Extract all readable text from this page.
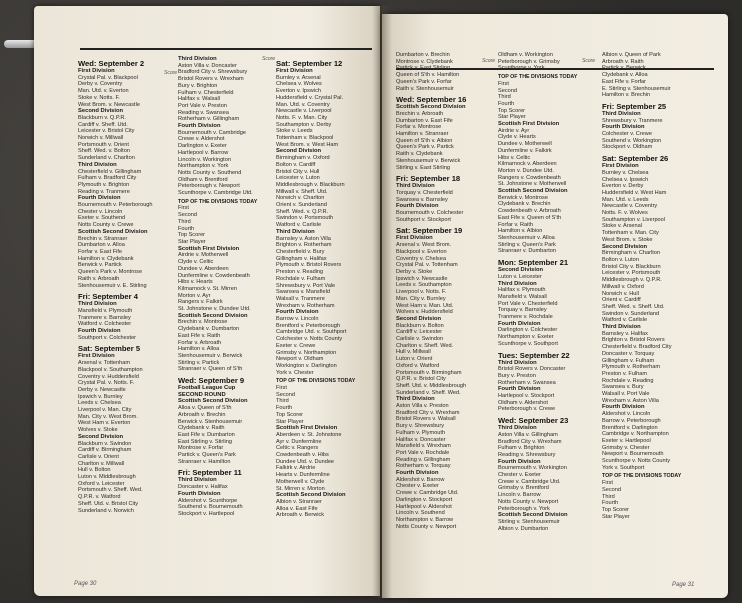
Score
Score
Wed: September 2
First Division
Crystal Pal. v. Blackpool
Derby v. Coventry
Man. Utd. v. Everton
Stoke v. Notts. F.
West Brom. v. Newcastle
Second Division
Blackburn v. Q.P.R.
Cardiff v. Sheff. Utd.
Leicester v. Bristol City
Norwich v. Millwall
Portsmouth v. Orient
Sheff. Wed. v. Bolton
Sunderland v. Charlton
Third Division
Chesterfield v. Gillingham
Fulham v. Bradford City
Plymouth v. Brighton
Reading v. Tranmere
Fourth Division
Bournemouth v. Peterborough
Chester v. Lincoln
Exeter v. Southend
Notts County v. Crewe
Scottish Second Division
Brechin v. Stranraer
Dumbarton v. Alloa
Forfar v. East Fife
Hamilton v. Clydebank
Berwick v. Partick
Queen's Park v. Montrose
Raith v. Arbroath
Stenhousemuir v. E. Stirling
Fri: September 4
Third Division
Mansfield v. Plymouth
Tranmere v. Barnsley
Watford v. Colchester
Fourth Division
Southport v. Colchester
Sat: September 5
First Division
Arsenal v. Tottenham
Blackpool v. Southampton
Coventry v. Huddersfield
Crystal Pal. v. Notts. F.
Derby v. Newcastle
Ipswich v. Burnley
Leeds v. Chelsea
Liverpool v. Man. City
Man. City v. West Brom.
West Ham v. Everton
Wolves v. Stoke
Second Division
Blackburn v. Swindon
Cardiff v. Birmingham
Carlisle v. Orient
Charlton v. Millwall
Hull v. Bolton
Luton v. Middlesbrough
Oxford v. Leicester
Portsmouth v. Sheff. Wed.
Q.P.R. v. Watford
Sheff. Utd. v. Bristol City
Sunderland v. Norwich
Third Division
Aston Villa v. Doncaster
Bradford City v. Shrewsbury
Bristol Rovers v. Wrexham
Bury v. Brighton
Fulham v. Chesterfield
Halifax v. Walsall
Port Vale v. Preston
Reading v. Swansea
Rotherham v. Gillingham
Fourth Division
Bournemouth v. Cambridge
Crewe v. Aldershot
Darlington v. Exeter
Hartlepool v. Barrow
Lincoln v. Workington
Northampton v. York
Notts County v. Southend
Oldham v. Brentford
Peterborough v. Newport
Scunthorpe v. Cambridge Utd.
TOP OF THE DIVISIONS TODAY
First
Second
Third
Fourth
Top Scorer
Star Player
Scottish First Division
Airdrie v. Motherwell
Clyde v. Celtic
Dundee v. Aberdeen
Dunfermline v. Cowdenbeath
Hibs v. Hearts
Kilmarnock v. St. Mirren
Morton v. Ayr
Rangers v. Falkirk
St. Johnstone v. Dundee Utd.
Scottish Second Division
Brechin v. Montrose
Clydebank v. Dumbarton
East Fife v. Raith
Forfar v. Arbroath
Hamilton v. Alloa
Stenhousemuir v. Berwick
Stirling v. Partick
Stranraer v. Queen of S'th
Wed: September 9
Football League Cup
SECOND ROUND
Scottish Second Division
Alloa v. Queen of S'th
Arbroath v. Brechin
Berwick v. Stenhousemuir
Clydebank v. Raith
East Fife v. Dumbarton
East Stirling v. Stirling
Montrose v. Forfar
Partick v. Queen's Park
Stranraer v. Hamilton
Fri: September 11
Third Division
Doncaster v. Halifax
Fourth Division
Aldershot v. Scunthorpe
Southend v. Bournemouth
Stockport v. Hartlepool
Sat: September 12
First Division
Burnley v. Arsenal
Chelsea v. Wolves
Everton v. Ipswich
Huddersfield v. Crystal Pal.
Man. Utd. v. Coventry
Newcastle v. Liverpool
Notts. F. v. Man. City
Southampton v. Derby
Stoke v. Leeds
Tottenham v. Blackpool
West Brom. v. West Ham
Second Division
Birmingham v. Oxford
Bolton v. Cardiff
Bristol City v. Hull
Leicester v. Luton
Middlesbrough v. Blackburn
Millwall v. Sheff. Utd.
Norwich v. Charlton
Orient v. Sunderland
Sheff. Wed. v. Q.P.R.
Swindon v. Portsmouth
Watford v. Carlisle
Third Division
Barnsley v. Aston Villa
Brighton v. Rotherham
Chesterfield v. Bury
Gillingham v. Halifax
Plymouth v. Bristol Rovers
Preston v. Reading
Rochdale v. Fulham
Shrewsbury v. Port Vale
Swansea v. Mansfield
Walsall v. Tranmere
Wrexham v. Rotherham
Fourth Division
Barrow v. Lincoln
Brentford v. Peterborough
Cambridge Utd. v. Southport
Colchester v. Notts County
Exeter v. Crewe
Grimsby v. Northampton
Newport v. Oldham
Workington v. Darlington
York v. Chester
TOP OF THE DIVISIONS TODAY
First
Second
Third
Fourth
Top Scorer
Star Player
Scottish First Division
Aberdeen v. St. Johnstone
Ayr v. Dunfermline
Celtic v. Rangers
Cowdenbeath v. Hibs
Dundee Utd. v. Dundee
Falkirk v. Airdrie
Hearts v. Dunfermline
Motherwell v. Clyde
St. Mirren v. Morton
Scottish Second Division
Albion v. Stranraer
Alloa v. East Fife
Arbroath v. Berwick
Page 30
Score	Score
Dumbarton v. Brechin
Montrose v. Clydebank
Partick v. East Stirling
Queen of S'th v. Hamilton
Queen's Park v. Forfar
Raith v. Stenhousemuir
Wed: September 16
Scottish Second Division
Brechin v. Arbroath
Dumbarton v. East Fife
Forfar v. Montrose
Hamilton v. Stranraer
Queen of S'th v. Albion
Queen's Park v. Partick
Raith v. Clydebank
Stenhousemuir v. Berwick
Stirling v. East Stirling
Fri: September 18
Third Division
Torquay v. Chesterfield
Swansea v. Barnsley
Fourth Division
Bournemouth v. Colchester
Southport v. Stockport
Sat: September 19
First Division
Arsenal v. West Brom.
Blackpool v. Everton
Coventry v. Chelsea
Crystal Pal. v. Tottenham
Derby v. Stoke
Ipswich v. Newcastle
Leeds v. Southampton
Liverpool v. Notts. F.
Man. City v. Burnley
West Ham v. Man. Utd.
Wolves v. Huddersfield
Second Division
Blackburn v. Bolton
Cardiff v. Leicester
Carlisle v. Swindon
Charlton v. Sheff. Wed.
Hull v. Millwall
Luton v. Orient
Oxford v. Watford
Portsmouth v. Birmingham
Q.P.R. v. Bristol City
Sheff. Utd. v. Middlesbrough
Sunderland v. Sheff. Wed.
Third Division
Aston Villa v. Preston
Bradford City v. Wrexham
Bristol Rovers v. Walsall
Bury v. Shrewsbury
Fulham v. Plymouth
Halifax v. Doncaster
Mansfield v. Wrexham
Port Vale v. Rochdale
Reading v. Gillingham
Rotherham v. Torquay
Fourth Division
Aldershot v. Barrow
Chester v. Exeter
Crewe v. Cambridge Utd.
Darlington v. Stockport
Hartlepool v. Aldershot
Lincoln v. Southend
Northampton v. Barrow
Notts County v. Newport
Oldham v. Workington
Peterborough v. Grimsby
Scunthorpe v. York
TOP OF THE DIVISIONS TODAY
First
Second
Third
Fourth
Top Scorer
Star Player
Scottish First Division
Airdrie v. Ayr
Clyde v. Hearts
Dundee v. Motherwell
Dunfermline v. Falkirk
Hibs v. Celtic
Kilmarnock v. Aberdeen
Morton v. Dundee Utd.
Rangers v. Cowdenbeath
St. Johnstone v. Motherwell
Scottish Second Division
Berwick v. Montrose
Clydebank v. Brechin
Cowdenbeath v. Arbroath
East Fife v. Queen of S'th
Forfar v. Raith
Hamilton v. Albion
Stenhousemuir v. Alloa
Stirling v. Queen's Park
Stranraer v. Dumbarton
Mon: September 21
Second Division
Luton v. Leicester
Third Division
Halifax v. Plymouth
Mansfield v. Walsall
Port Vale v. Chesterfield
Torquay v. Barnsley
Tranmere v. Rochdale
Fourth Division
Darlington v. Colchester
Northampton v. Exeter
Scunthorpe v. Southport
Tues: September 22
Third Division
Bristol Rovers v. Doncaster
Bury v. Preston
Rotherham v. Swansea
Fourth Division
Hartlepool v. Stockport
Oldham v. Aldershot
Peterborough v. Crewe
Wed: September 23
Third Division
Aston Villa v. Gillingham
Bradford City v. Wrexham
Fulham v. Brighton
Reading v. Shrewsbury
Fourth Division
Bournemouth v. Workington
Chester v. Exeter
Crewe v. Cambridge Utd.
Grimsby v. Brentford
Lincoln v. Barrow
Notts County v. Newport
Peterborough v. York
Scottish Second Division
Stirling v. Stenhousemuir
Albion v. Dumbarton
Albion v. Queen of Park
Arbroath v. Raith
Partick v. Berwick
Clydebank v. Alloa
East Fife v. Forfar
E. Stirling v. Stenhousemuir
Hamilton v. Brechin
Fri: September 25
Third Division
Shrewsbury v. Tranmere
Fourth Division
Colchester v. Crewe
Southend v. Workington
Stockport v. Oldham
Sat: September 26
First Division
Burnley v. Chelsea
Chelsea v. Ipswich
Everton v. Derby
Huddersfield v. West Ham
Man. Utd. v. Leeds
Newcastle v. Coventry
Notts. F. v. Wolves
Southampton v. Liverpool
Stoke v. Arsenal
Tottenham v. Man. City
West Brom. v. Stoke
Second Division
Birmingham v. Charlton
Bolton v. Luton
Bristol City v. Blackburn
Leicester v. Portsmouth
Middlesbrough v. Q.P.R.
Millwall v. Oxford
Norwich v. Hull
Orient v. Cardiff
Sheff. Wed. v. Sheff. Utd.
Swindon v. Sunderland
Watford v. Carlisle
Third Division
Barnsley v. Halifax
Brighton v. Bristol Rovers
Chesterfield v. Bradford City
Doncaster v. Torquay
Gillingham v. Fulham
Plymouth v. Rotherham
Preston v. Fulham
Rochdale v. Reading
Swansea v. Bury
Walsall v. Port Vale
Wrexham v. Aston Villa
Fourth Division
Aldershot v. Lincoln
Barrow v. Peterborough
Brentford v. Darlington
Cambridge v. Northampton
Exeter v. Hartlepool
Grimsby v. Chester
Newport v. Bournemouth
Scunthorpe v. Notts County
York v. Southport
TOP OF THE DIVISIONS TODAY
First
Second
Third
Fourth
Top Scorer
Star Player
Page 31
